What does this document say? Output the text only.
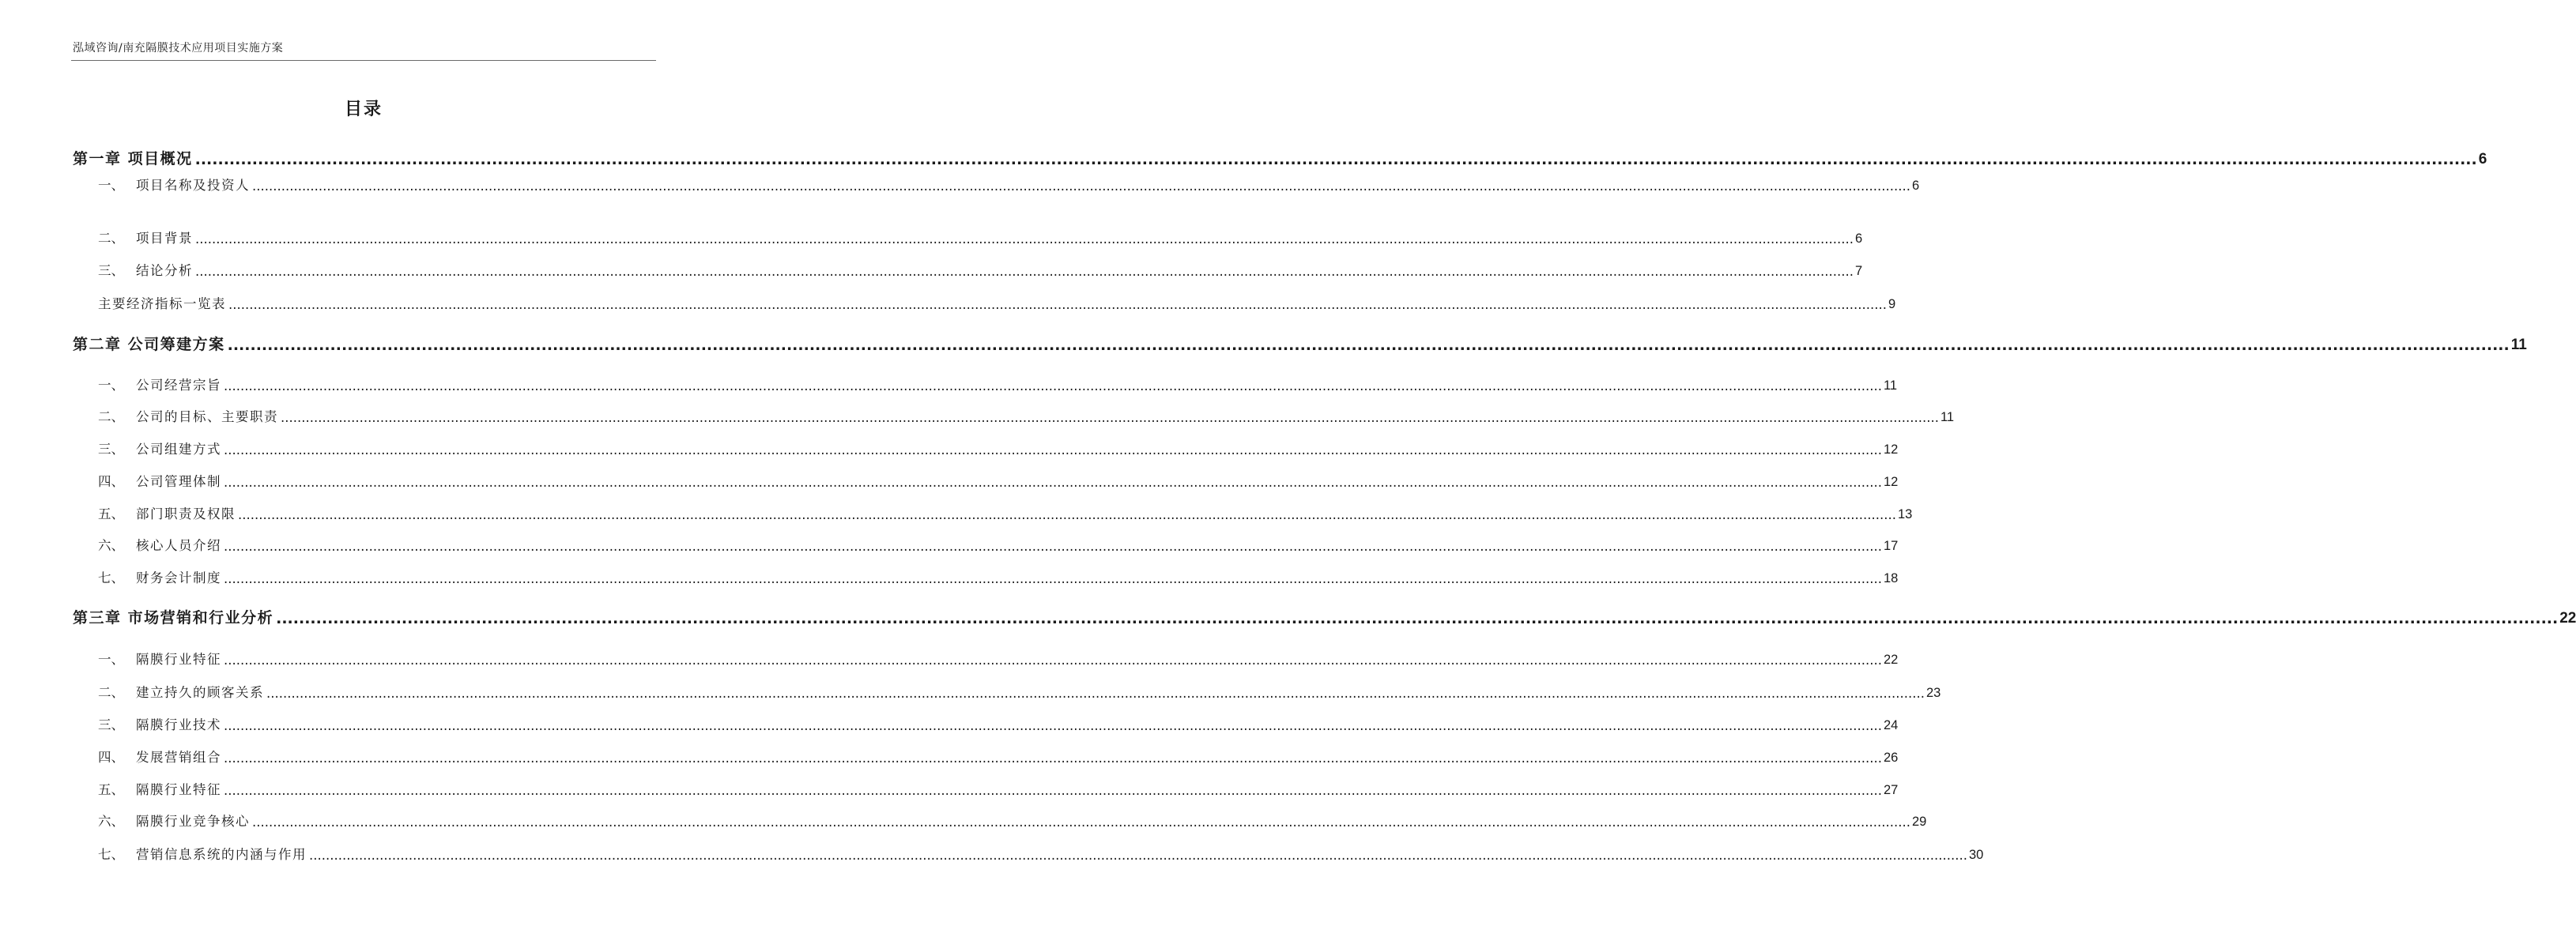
泓域咨询/南充隔膜技术应用项目实施方案
目录
第一章 项目概况 ................................................................................................................................................................................................................................................................................................................................................................................................................ 6
一、 项目名称及投资人 ................................................................................................................................................................................................................................................................................................................................................................................................................ 6
二、 项目背景 ................................................................................................................................................................................................................................................................................................................................................................................................................ 6
三、 结论分析 ................................................................................................................................................................................................................................................................................................................................................................................................................ 7
主要经济指标一览表 ................................................................................................................................................................................................................................................................................................................................................................................................................ 9
第二章 公司筹建方案 ................................................................................................................................................................................................................................................................................................................................................................................................................ 11
一、 公司经营宗旨 ................................................................................................................................................................................................................................................................................................................................................................................................................ 11
二、 公司的目标、主要职责 ................................................................................................................................................................................................................................................................................................................................................................................................................ 11
三、 公司组建方式 ................................................................................................................................................................................................................................................................................................................................................................................................................ 12
四、 公司管理体制 ................................................................................................................................................................................................................................................................................................................................................................................................................ 12
五、 部门职责及权限 ................................................................................................................................................................................................................................................................................................................................................................................................................ 13
六、 核心人员介绍 ................................................................................................................................................................................................................................................................................................................................................................................................................ 17
七、 财务会计制度 ................................................................................................................................................................................................................................................................................................................................................................................................................ 18
第三章 市场营销和行业分析 ................................................................................................................................................................................................................................................................................................................................................................................................................ 22
一、 隔膜行业特征 ................................................................................................................................................................................................................................................................................................................................................................................................................ 22
二、 建立持久的顾客关系 ................................................................................................................................................................................................................................................................................................................................................................................................................ 23
三、 隔膜行业技术 ................................................................................................................................................................................................................................................................................................................................................................................................................ 24
四、 发展营销组合 ................................................................................................................................................................................................................................................................................................................................................................................................................ 26
五、 隔膜行业特征 ................................................................................................................................................................................................................................................................................................................................................................................................................ 27
六、 隔膜行业竞争核心 ................................................................................................................................................................................................................................................................................................................................................................................................................ 29
七、 营销信息系统的内涵与作用 ................................................................................................................................................................................................................................................................................................................................................................................................................ 30
